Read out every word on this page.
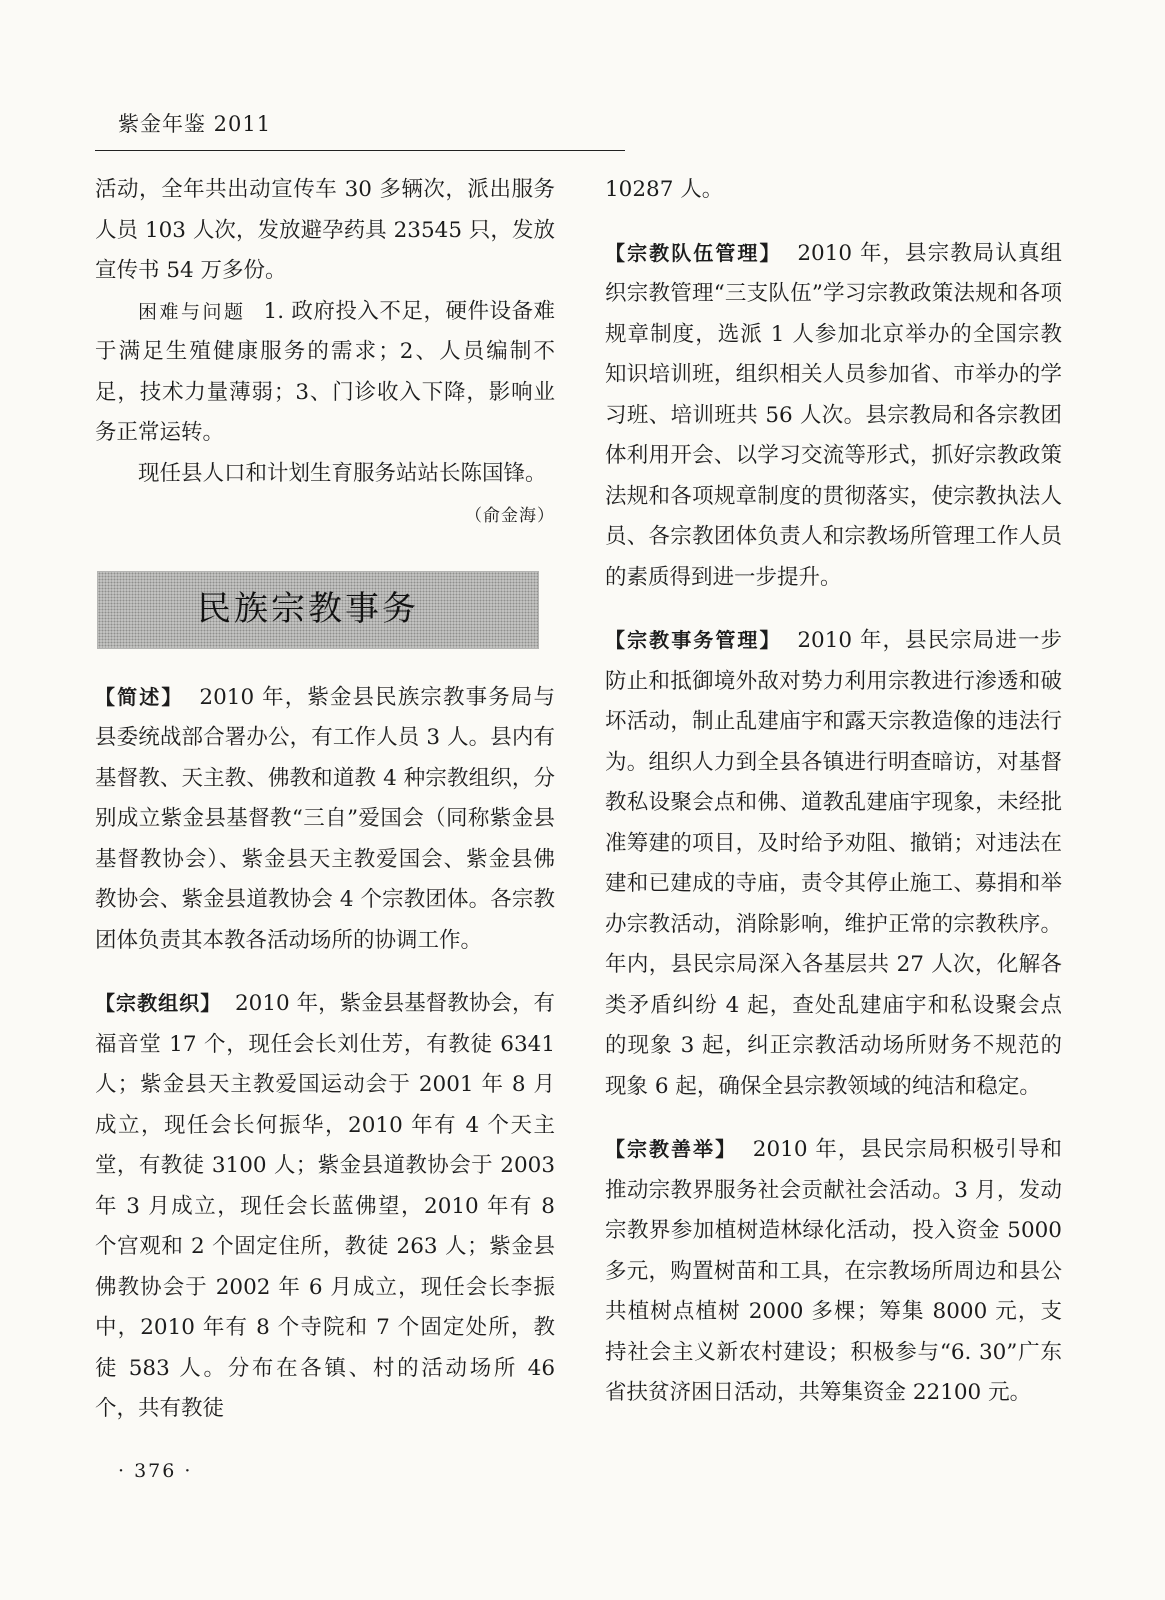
紫金年鉴 2011

活动，全年共出动宣传车 30 多辆次，派出服务人员 103 人次，发放避孕药具 23545 只，发放宣传书 54 万多份。

困难与问题 1. 政府投入不足，硬件设备难于满足生殖健康服务的需求；2、人员编制不足，技术力量薄弱；3、门诊收入下降，影响业务正常运转。

现任县人口和计划生育服务站站长陈国锋。

（俞金海）
民族宗教事务

【简述】 2010 年，紫金县民族宗教事务局与县委统战部合署办公，有工作人员 3 人。县内有基督教、天主教、佛教和道教 4 种宗教组织，分别成立紫金县基督教“三自”爱国会（同称紫金县基督教协会）、紫金县天主教爱国会、紫金县佛教协会、紫金县道教协会 4 个宗教团体。各宗教团体负责其本教各活动场所的协调工作。

【宗教组织】 2010 年，紫金县基督教协会，有福音堂 17 个，现任会长刘仕芳，有教徒 6341 人；紫金县天主教爱国运动会于 2001 年 8 月成立，现任会长何振华，2010 年有 4 个天主堂，有教徒 3100 人；紫金县道教协会于 2003 年 3 月成立，现任会长蓝佛望，2010 年有 8 个宫观和 2 个固定住所，教徒 263 人；紫金县佛教协会于 2002 年 6 月成立，现任会长李振中，2010 年有 8 个寺院和 7 个固定处所，教徒 583 人。分布在各镇、村的活动场所 46 个，共有教徒

10287 人。

【宗教队伍管理】 2010 年，县宗教局认真组织宗教管理“三支队伍”学习宗教政策法规和各项规章制度，选派 1 人参加北京举办的全国宗教知识培训班，组织相关人员参加省、市举办的学习班、培训班共 56 人次。县宗教局和各宗教团体利用开会、以学习交流等形式，抓好宗教政策法规和各项规章制度的贯彻落实，使宗教执法人员、各宗教团体负责人和宗教场所管理工作人员的素质得到进一步提升。

【宗教事务管理】 2010 年，县民宗局进一步防止和抵御境外敌对势力利用宗教进行渗透和破坏活动，制止乱建庙宇和露天宗教造像的违法行为。组织人力到全县各镇进行明查暗访，对基督教私设聚会点和佛、道教乱建庙宇现象，未经批准筹建的项目，及时给予劝阻、撤销；对违法在建和已建成的寺庙，责令其停止施工、募捐和举办宗教活动，消除影响，维护正常的宗教秩序。年内，县民宗局深入各基层共 27 人次，化解各类矛盾纠纷 4 起，查处乱建庙宇和私设聚会点的现象 3 起，纠正宗教活动场所财务不规范的现象 6 起，确保全县宗教领域的纯洁和稳定。

【宗教善举】 2010 年，县民宗局积极引导和推动宗教界服务社会贡献社会活动。3 月，发动宗教界参加植树造林绿化活动，投入资金 5000 多元，购置树苗和工具，在宗教场所周边和县公共植树点植树 2000 多棵；筹集 8000 元，支持社会主义新农村建设；积极参与“6. 30”广东省扶贫济困日活动，共筹集资金 22100 元。

· 376 ·
